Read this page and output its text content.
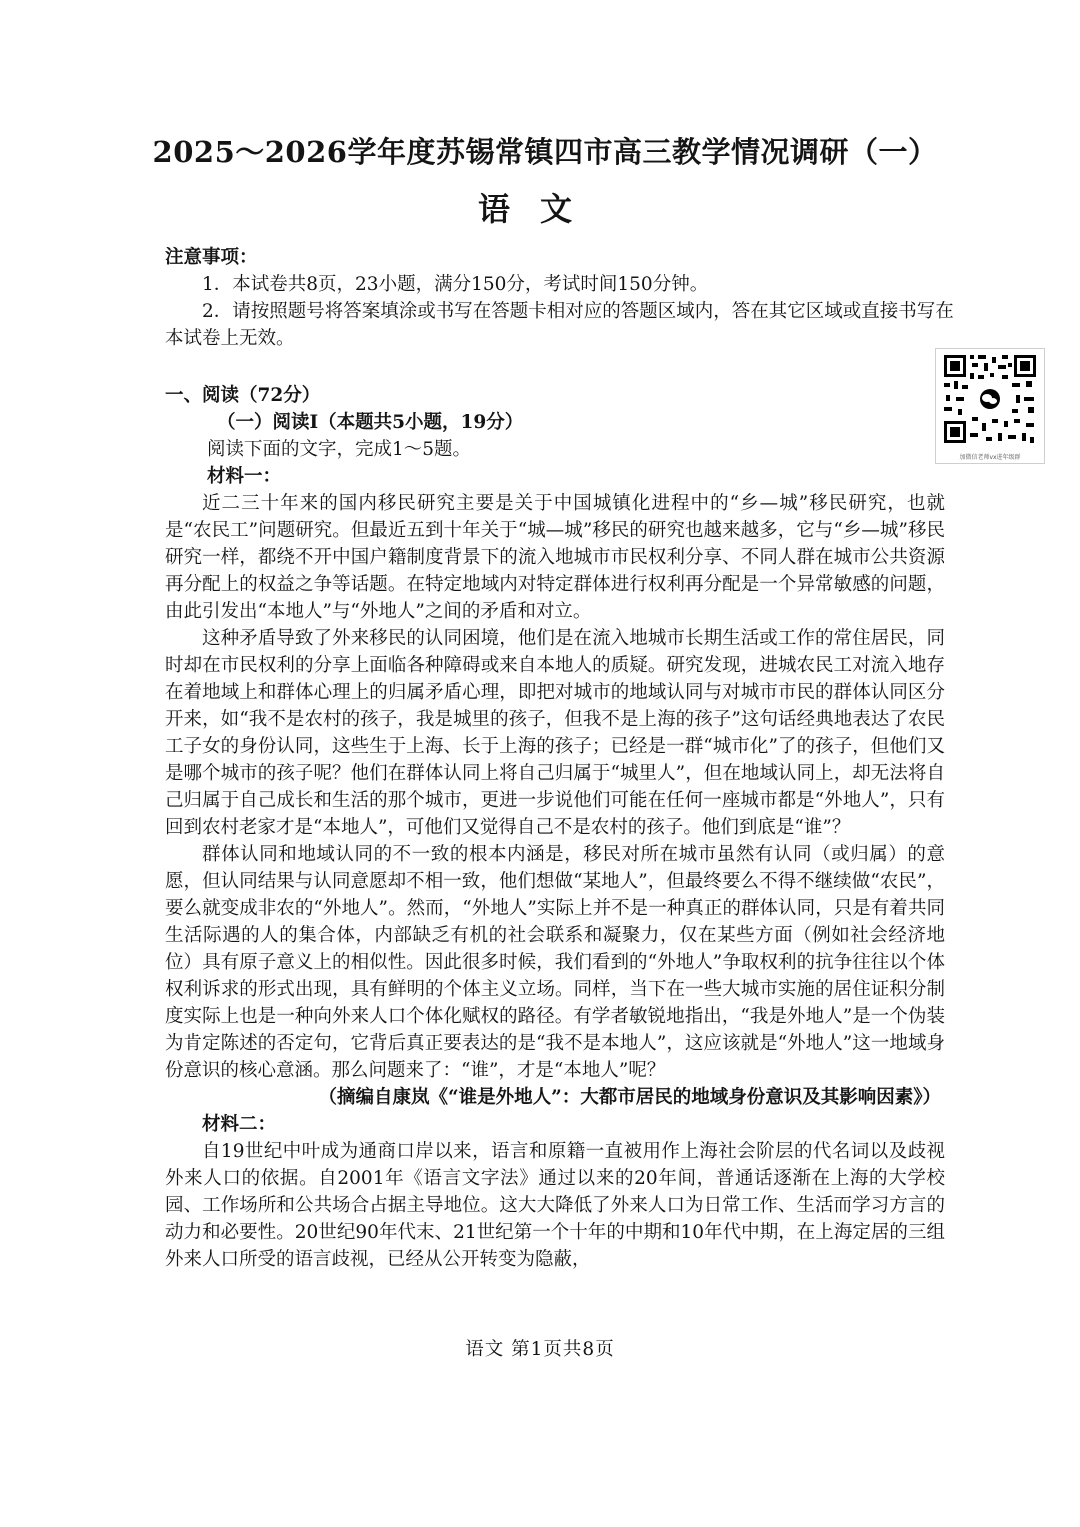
2025～2026学年度苏锡常镇四市高三教学情况调研（一）
语文
注意事项：
1．本试卷共8页，23小题，满分150分，考试时间150分钟。
2．请按照题号将答案填涂或书写在答题卡相对应的答题区域内，答在其它区域或直接书写在本试卷上无效。
加微信老师vx进年级群
一、阅读（72分）
（一）阅读Ⅰ（本题共5小题，19分）
阅读下面的文字，完成1～5题。
材料一：

近二三十年来的国内移民研究主要是关于中国城镇化进程中的“乡—城”移民研究，也就是“农民工”问题研究。但最近五到十年关于“城—城”移民的研究也越来越多，它与“乡—城”移民研究一样，都绕不开中国户籍制度背景下的流入地城市市民权利分享、不同人群在城市公共资源再分配上的权益之争等话题。在特定地域内对特定群体进行权利再分配是一个异常敏感的问题，由此引发出“本地人”与“外地人”之间的矛盾和对立。

这种矛盾导致了外来移民的认同困境，他们是在流入地城市长期生活或工作的常住居民，同时却在市民权利的分享上面临各种障碍或来自本地人的质疑。研究发现，进城农民工对流入地存在着地域上和群体心理上的归属矛盾心理，即把对城市的地域认同与对城市市民的群体认同区分开来，如“我不是农村的孩子，我是城里的孩子，但我不是上海的孩子”这句话经典地表达了农民工子女的身份认同，这些生于上海、长于上海的孩子；已经是一群“城市化”了的孩子，但他们又是哪个城市的孩子呢？他们在群体认同上将自己归属于“城里人”，但在地域认同上，却无法将自己归属于自己成长和生活的那个城市，更进一步说他们可能在任何一座城市都是“外地人”，只有回到农村老家才是“本地人”，可他们又觉得自己不是农村的孩子。他们到底是“谁”？

群体认同和地域认同的不一致的根本内涵是，移民对所在城市虽然有认同（或归属）的意愿，但认同结果与认同意愿却不相一致，他们想做“某地人”，但最终要么不得不继续做“农民”，要么就变成非农的“外地人”。然而，“外地人”实际上并不是一种真正的群体认同，只是有着共同生活际遇的人的集合体，内部缺乏有机的社会联系和凝聚力，仅在某些方面（例如社会经济地位）具有原子意义上的相似性。因此很多时候，我们看到的“外地人”争取权利的抗争往往以个体权利诉求的形式出现，具有鲜明的个体主义立场。同样，当下在一些大城市实施的居住证积分制度实际上也是一种向外来人口个体化赋权的路径。有学者敏锐地指出，“我是外地人”是一个伪装为肯定陈述的否定句，它背后真正要表达的是“我不是本地人”，这应该就是“外地人”这一地域身份意识的核心意涵。那么问题来了：“谁”，才是“本地人”呢？

（摘编自康岚《“谁是外地人”：大都市居民的地域身份意识及其影响因素》）

材料二：

自19世纪中叶成为通商口岸以来，语言和原籍一直被用作上海社会阶层的代名词以及歧视外来人口的依据。自2001年《语言文字法》通过以来的20年间，普通话逐渐在上海的大学校园、工作场所和公共场合占据主导地位。这大大降低了外来人口为日常工作、生活而学习方言的动力和必要性。20世纪90年代末、21世纪第一个十年的中期和10年代中期，在上海定居的三组外来人口所受的语言歧视，已经从公开转变为隐蔽，

语文 第1页共8页
